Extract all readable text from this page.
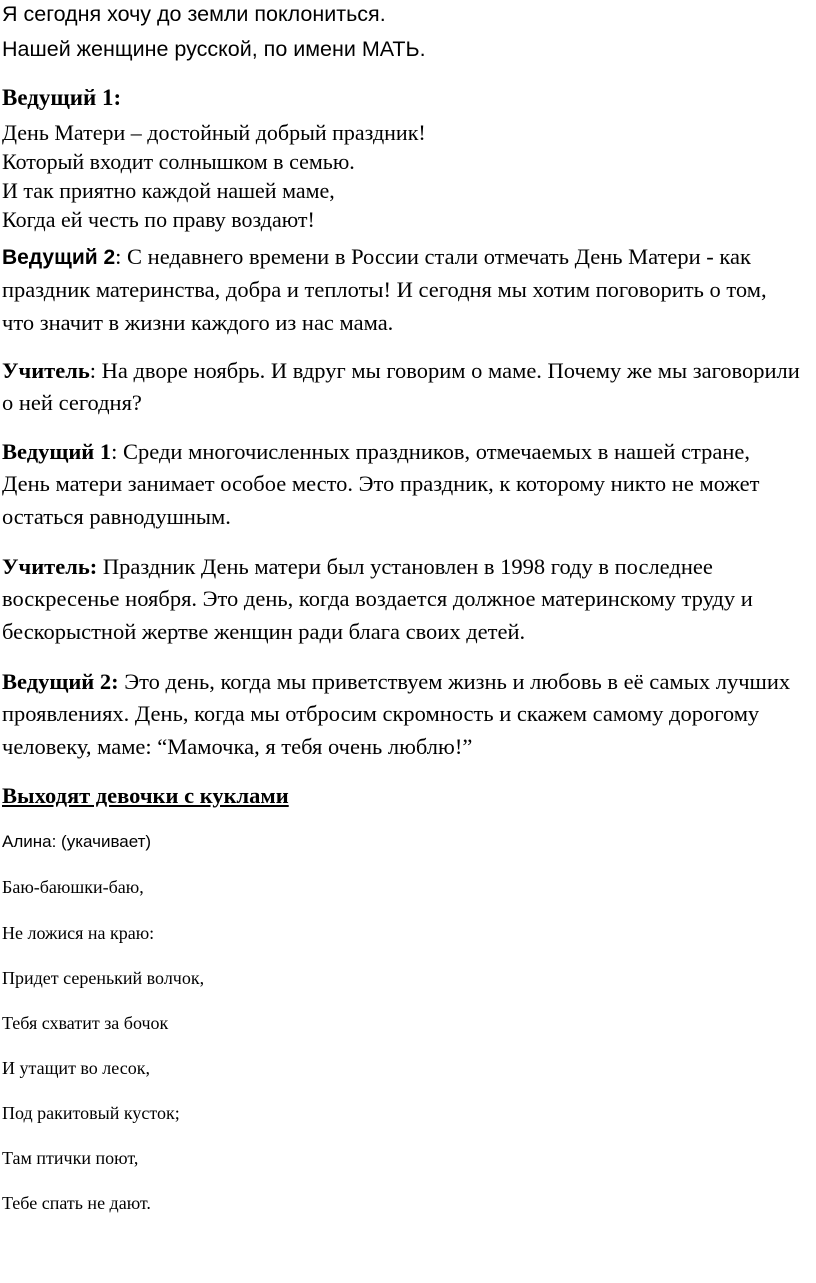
Я сегодня хочу до земли поклониться.
Нашей женщине русской, по имени МАТЬ.
Ведущий 1:
День Матери – достойный добрый праздник!
Который входит солнышком в семью.
И так приятно каждой нашей маме,
Когда ей честь по праву воздают!
Ведущий 2: С недавнего времени в России стали отмечать День Матери - как праздник материнства, добра и теплоты! И сегодня мы хотим поговорить о том, что значит в жизни каждого из нас мама.
Учитель: На дворе ноябрь. И вдруг мы говорим о маме. Почему же мы заговорили о ней сегодня?
Ведущий 1: Среди многочисленных праздников, отмечаемых в нашей стране, День матери занимает особое место. Это праздник, к которому никто не может остаться равнодушным.
Учитель: Праздник День матери был установлен в 1998 году в последнее воскресенье ноября. Это день, когда воздается должное материнскому труду и бескорыстной жертве женщин ради блага своих детей.
Ведущий 2: Это день, когда мы приветствуем жизнь и любовь в её самых лучших проявлениях. День, когда мы отбросим скромность и скажем самому дорогому человеку, маме: “Мамочка, я тебя очень люблю!”
Выходят девочки с куклами
Алина: (укачивает)
Баю-баюшки-баю,
Не ложися на краю:
Придет серенький волчок,
Тебя схватит за бочок
И утащит во лесок,
Под ракитовый кусток;
Там птички поют,
Тебе спать не дают.
